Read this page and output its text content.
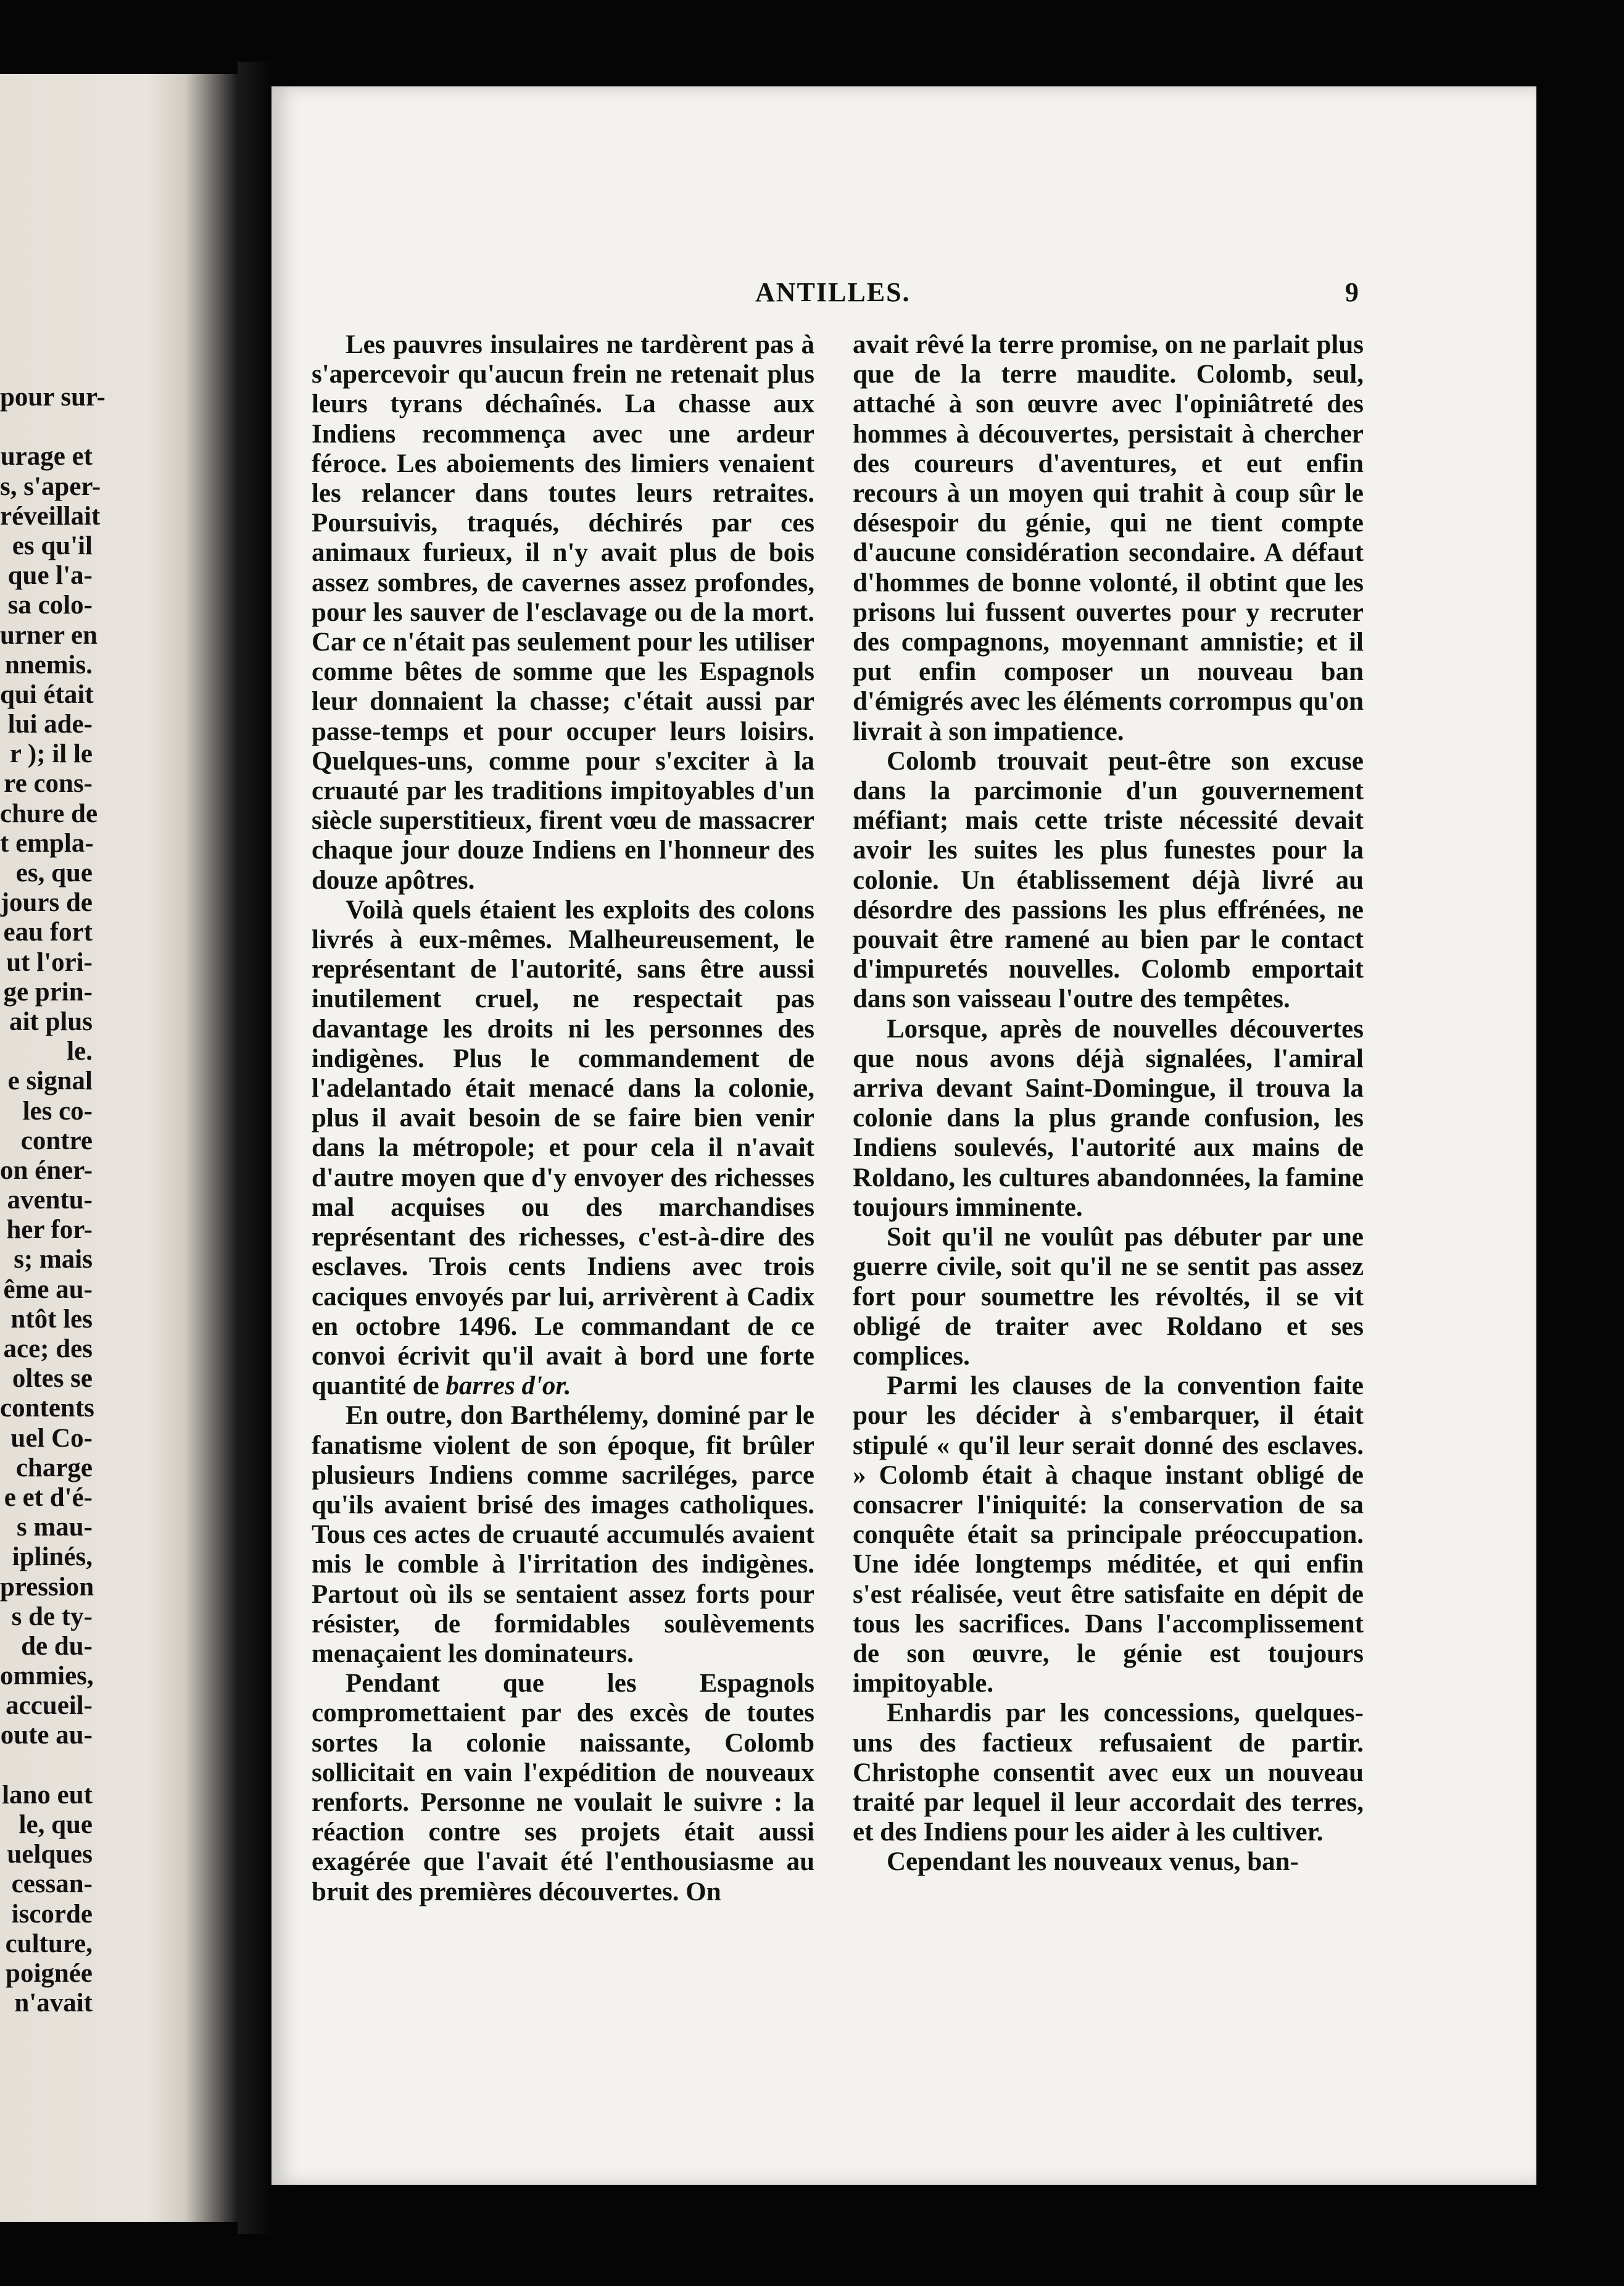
pour sur-
urage et
s, s'aper-
réveillait
es qu'il
que l'a-
sa colo-
urner en
nnemis.
qui était
lui ade-
r ); il le
re cons-
chure de
t empla-
es, que
jours de
eau fort
ut l'ori-
ge prin-
ait plus
le.
e signal
les co-
contre
on éner-
aventu-
her for-
s; mais
ême au-
ntôt les
ace; des
oltes se
contents
uel Co-
charge
e et d'é-
s mau-
iplinés,
pression
s de ty-
de du-
ommies,
accueil-
oute au-
lano eut
le, que
uelques
cessan-
iscorde
culture,
poignée
n'avait
ANTILLES.	9

Les pauvres insulaires ne tardèrent pas à s'apercevoir qu'aucun frein ne retenait plus leurs tyrans déchaînés. La chasse aux Indiens recommença avec une ardeur féroce. Les aboiements des limiers venaient les relancer dans toutes leurs retraites. Poursuivis, traqués, déchirés par ces animaux furieux, il n'y avait plus de bois assez sombres, de cavernes assez profondes, pour les sauver de l'esclavage ou de la mort. Car ce n'était pas seulement pour les utiliser comme bêtes de somme que les Espagnols leur donnaient la chasse; c'était aussi par passe-temps et pour occuper leurs loisirs. Quelques-uns, comme pour s'exciter à la cruauté par les traditions impitoyables d'un siècle superstitieux, firent vœu de massacrer chaque jour douze Indiens en l'honneur des douze apôtres.

Voilà quels étaient les exploits des colons livrés à eux-mêmes. Malheureusement, le représentant de l'autorité, sans être aussi inutilement cruel, ne respectait pas davantage les droits ni les personnes des indigènes. Plus le commandement de l'adelantado était menacé dans la colonie, plus il avait besoin de se faire bien venir dans la métropole; et pour cela il n'avait d'autre moyen que d'y envoyer des richesses mal acquises ou des marchandises représentant des richesses, c'est-à-dire des esclaves. Trois cents Indiens avec trois caciques envoyés par lui, arrivèrent à Cadix en octobre 1496. Le commandant de ce convoi écrivit qu'il avait à bord une forte quantité de barres d'or.

En outre, don Barthélemy, dominé par le fanatisme violent de son époque, fit brûler plusieurs Indiens comme sacriléges, parce qu'ils avaient brisé des images catholiques. Tous ces actes de cruauté accumulés avaient mis le comble à l'irritation des indigènes. Partout où ils se sentaient assez forts pour résister, de formidables soulèvements menaçaient les dominateurs.

Pendant que les Espagnols compromettaient par des excès de toutes sortes la colonie naissante, Colomb sollicitait en vain l'expédition de nouveaux renforts. Personne ne voulait le suivre : la réaction contre ses projets était aussi exagérée que l'avait été l'enthousiasme au bruit des premières découvertes. On

avait rêvé la terre promise, on ne parlait plus que de la terre maudite. Colomb, seul, attaché à son œuvre avec l'opiniâtreté des hommes à découvertes, persistait à chercher des coureurs d'aventures, et eut enfin recours à un moyen qui trahit à coup sûr le désespoir du génie, qui ne tient compte d'aucune considération secondaire. A défaut d'hommes de bonne volonté, il obtint que les prisons lui fussent ouvertes pour y recruter des compagnons, moyennant amnistie; et il put enfin composer un nouveau ban d'émigrés avec les éléments corrompus qu'on livrait à son impatience.

Colomb trouvait peut-être son excuse dans la parcimonie d'un gouvernement méfiant; mais cette triste nécessité devait avoir les suites les plus funestes pour la colonie. Un établissement déjà livré au désordre des passions les plus effrénées, ne pouvait être ramené au bien par le contact d'impuretés nouvelles. Colomb emportait dans son vaisseau l'outre des tempêtes.

Lorsque, après de nouvelles découvertes que nous avons déjà signalées, l'amiral arriva devant Saint-Domingue, il trouva la colonie dans la plus grande confusion, les Indiens soulevés, l'autorité aux mains de Roldano, les cultures abandonnées, la famine toujours imminente.

Soit qu'il ne voulût pas débuter par une guerre civile, soit qu'il ne se sentit pas assez fort pour soumettre les révoltés, il se vit obligé de traiter avec Roldano et ses complices.

Parmi les clauses de la convention faite pour les décider à s'embarquer, il était stipulé « qu'il leur serait donné des esclaves. » Colomb était à chaque instant obligé de consacrer l'iniquité: la conservation de sa conquête était sa principale préoccupation. Une idée longtemps méditée, et qui enfin s'est réalisée, veut être satisfaite en dépit de tous les sacrifices. Dans l'accomplissement de son œuvre, le génie est toujours impitoyable.

Enhardis par les concessions, quelques-uns des factieux refusaient de partir. Christophe consentit avec eux un nouveau traité par lequel il leur accordait des terres, et des Indiens pour les aider à les cultiver.

Cependant les nouveaux venus, ban-
